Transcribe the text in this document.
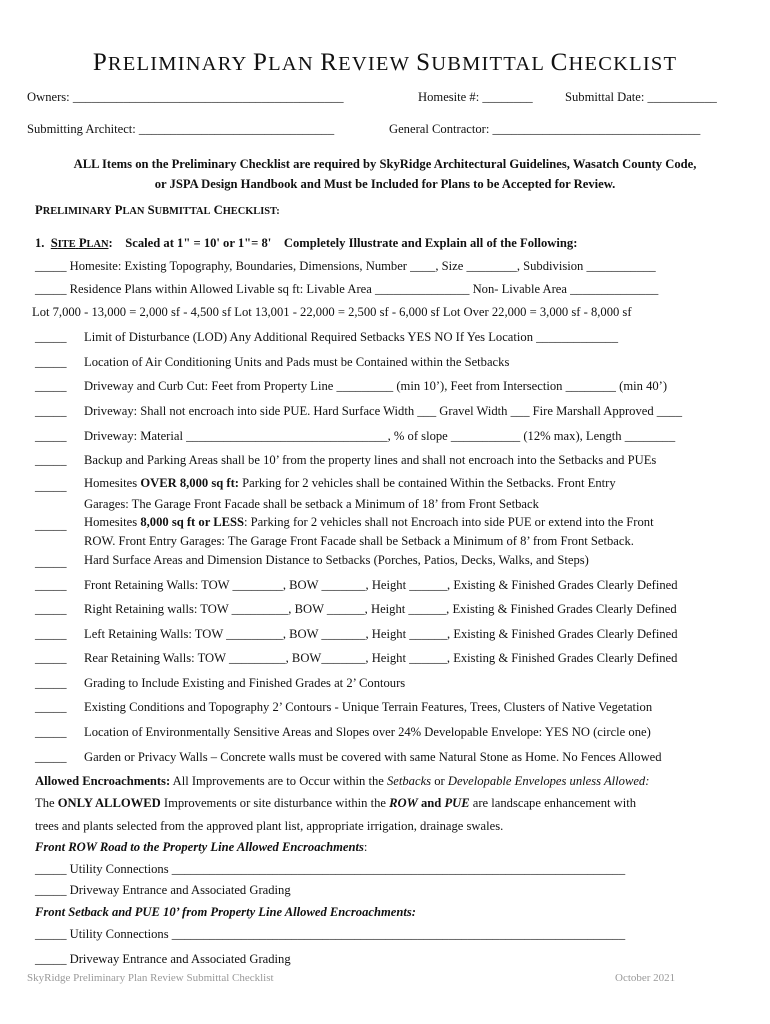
PRELIMINARY PLAN REVIEW SUBMITTAL CHECKLIST
Owners: ___________________________________________	Homesite #: ________	Submittal Date: ___________
Submitting Architect: _______________________________	General Contractor: _________________________________
ALL Items on the Preliminary Checklist are required by SkyRidge Architectural Guidelines, Wasatch County Code,
or JSPA Design Handbook and Must be Included for Plans to be Accepted for Review.
PRELIMINARY PLAN SUBMITTAL CHECKLIST:
1. SITE PLAN: Scaled at 1" = 10' or 1"= 8' Completely Illustrate and Explain all of the Following:
_____ Homesite: Existing Topography, Boundaries, Dimensions, Number ____, Size ________, Subdivision ___________
_____ Residence Plans within Allowed Livable sq ft: Livable Area _______________ Non- Livable Area ______________
Lot 7,000 - 13,000 = 2,000 sf - 4,500 sf Lot 13,001 - 22,000 = 2,500 sf - 6,000 sf Lot Over 22,000 = 3,000 sf - 8,000 sf
_____ Limit of Disturbance (LOD) Any Additional Required Setbacks YES NO If Yes Location _____________
_____ Location of Air Conditioning Units and Pads must be Contained within the Setbacks
_____ Driveway and Curb Cut: Feet from Property Line _________ (min 10’), Feet from Intersection ________ (min 40’)
_____ Driveway: Shall not encroach into side PUE. Hard Surface Width ___ Gravel Width ___ Fire Marshall Approved ____
_____ Driveway: Material ________________________________, % of slope ___________ (12% max), Length ________
_____ Backup and Parking Areas shall be 10’ from the property lines and shall not encroach into the Setbacks and PUEs
_____ Homesites OVER 8,000 sq ft: Parking for 2 vehicles shall be contained Within the Setbacks. Front Entry
Garages: The Garage Front Facade shall be setback a Minimum of 18’ from Front Setback
_____ Homesites 8,000 sq ft or LESS: Parking for 2 vehicles shall not Encroach into side PUE or extend into the Front
ROW. Front Entry Garages: The Garage Front Facade shall be Setback a Minimum of 8’ from Front Setback.
_____ Hard Surface Areas and Dimension Distance to Setbacks (Porches, Patios, Decks, Walks, and Steps)
_____ Front Retaining Walls: TOW ________, BOW _______, Height ______, Existing & Finished Grades Clearly Defined
_____ Right Retaining walls: TOW _________, BOW ______, Height ______, Existing & Finished Grades Clearly Defined
_____ Left Retaining Walls: TOW _________, BOW _______, Height ______, Existing & Finished Grades Clearly Defined
_____ Rear Retaining Walls: TOW _________, BOW_______, Height ______, Existing & Finished Grades Clearly Defined
_____ Grading to Include Existing and Finished Grades at 2’ Contours
_____ Existing Conditions and Topography 2’ Contours - Unique Terrain Features, Trees, Clusters of Native Vegetation
_____ Location of Environmentally Sensitive Areas and Slopes over 24% Developable Envelope: YES NO (circle one)
_____ Garden or Privacy Walls – Concrete walls must be covered with same Natural Stone as Home. No Fences Allowed
Allowed Encroachments: All Improvements are to Occur within the Setbacks or Developable Envelopes unless Allowed:
The ONLY ALLOWED Improvements or site disturbance within the ROW and PUE are landscape enhancement with
trees and plants selected from the approved plant list, appropriate irrigation, drainage swales.
Front ROW Road to the Property Line Allowed Encroachments:
_____ Utility Connections ________________________________________________________________________
_____ Driveway Entrance and Associated Grading
Front Setback and PUE 10’ from Property Line Allowed Encroachments:
_____ Utility Connections ________________________________________________________________________
_____ Driveway Entrance and Associated Grading
SkyRidge Preliminary Plan Review Submittal Checklist	October 2021
